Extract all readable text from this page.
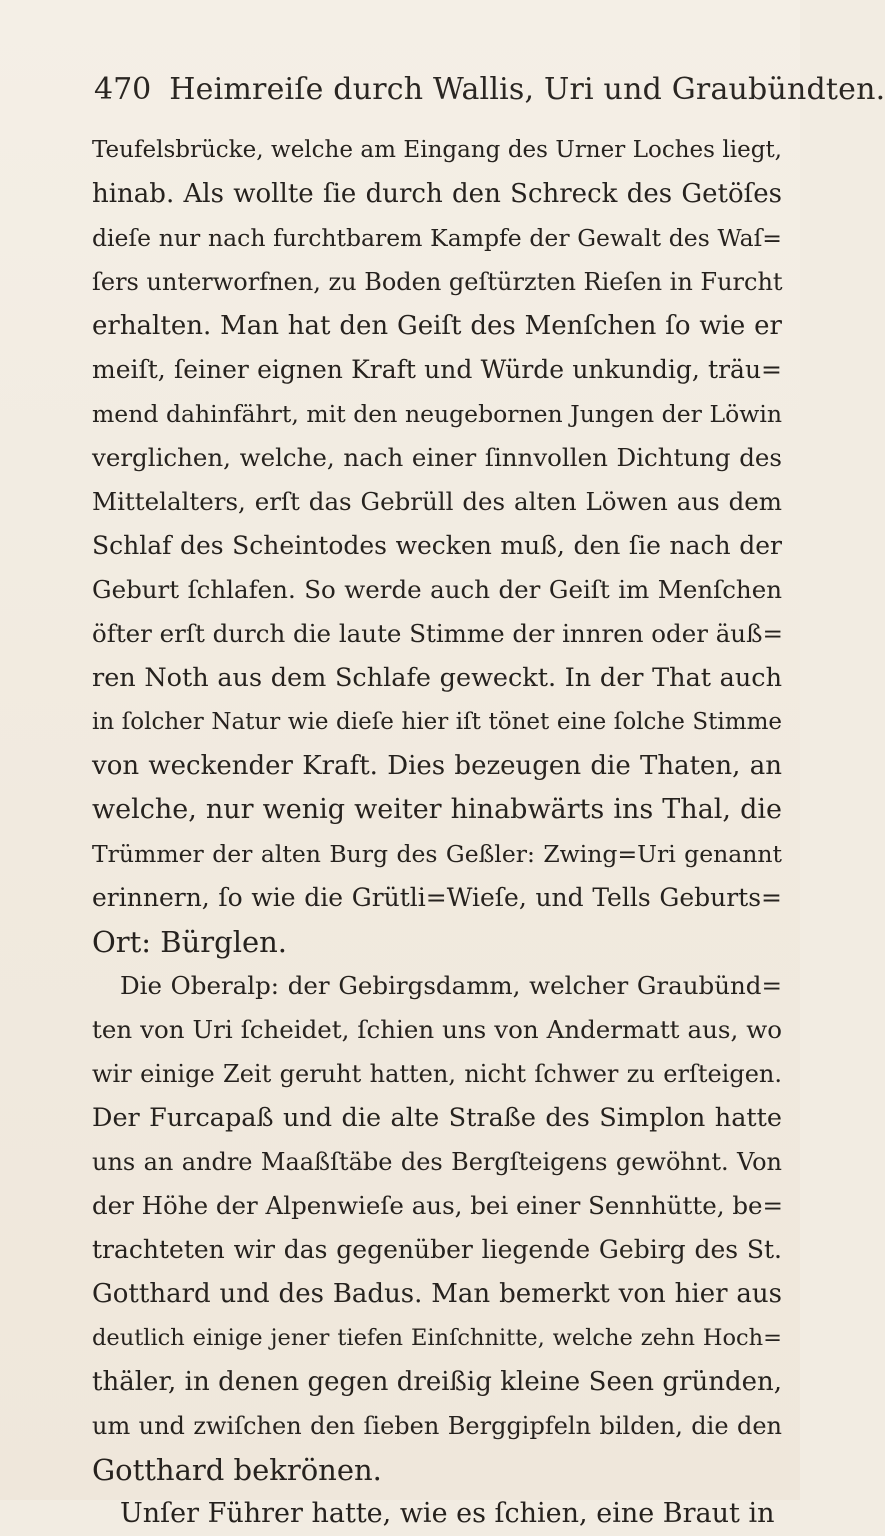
470 Heimreiſe durch Wallis, Uri und Graubündten.
Teufelsbrücke, welche am Eingang des Urner Loches liegt,
hinab. Als wollte ſie durch den Schreck des Getöſes
dieſe nur nach furchtbarem Kampfe der Gewalt des Waſ=
ſers unterworfnen, zu Boden geſtürzten Rieſen in Furcht
erhalten. Man hat den Geiſt des Menſchen ſo wie er
meiſt, ſeiner eignen Kraft und Würde unkundig, träu=
mend dahinfährt, mit den neugebornen Jungen der Löwin
verglichen, welche, nach einer ſinnvollen Dichtung des
Mittelalters, erſt das Gebrüll des alten Löwen aus dem
Schlaf des Scheintodes wecken muß, den ſie nach der
Geburt ſchlafen. So werde auch der Geiſt im Menſchen
öfter erſt durch die laute Stimme der innren oder äuß=
ren Noth aus dem Schlafe geweckt. In der That auch
in ſolcher Natur wie dieſe hier iſt tönet eine ſolche Stimme
von weckender Kraft. Dies bezeugen die Thaten, an
welche, nur wenig weiter hinabwärts ins Thal, die
Trümmer der alten Burg des Geßler: Zwing=Uri genannt
erinnern, ſo wie die Grütli=Wieſe, und Tells Geburts=
Ort: Bürglen.
Die Oberalp: der Gebirgsdamm, welcher Graubünd=
ten von Uri ſcheidet, ſchien uns von Andermatt aus, wo
wir einige Zeit geruht hatten, nicht ſchwer zu erſteigen.
Der Furcapaß und die alte Straße des Simplon hatte
uns an andre Maaßſtäbe des Bergſteigens gewöhnt. Von
der Höhe der Alpenwieſe aus, bei einer Sennhütte, be=
trachteten wir das gegenüber liegende Gebirg des St.
Gotthard und des Badus. Man bemerkt von hier aus
deutlich einige jener tiefen Einſchnitte, welche zehn Hoch=
thäler, in denen gegen dreißig kleine Seen gründen,
um und zwiſchen den ſieben Berggipfeln bilden, die den
Gotthard bekrönen.
Unſer Führer hatte, wie es ſchien, eine Braut in
